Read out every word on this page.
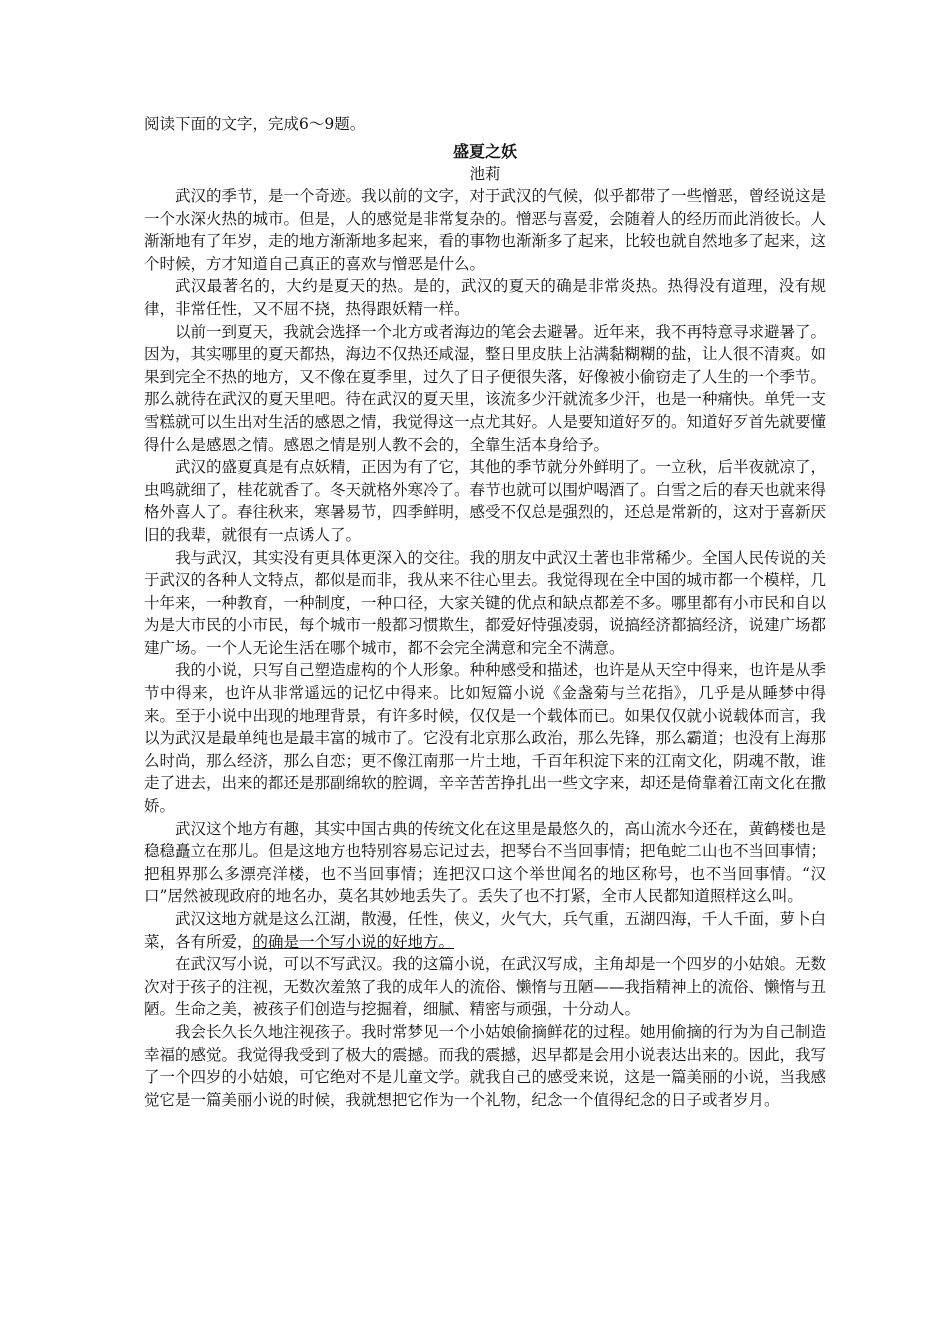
阅读下面的文字，完成6～9题。

盛夏之妖

池莉

武汉的季节，是一个奇迹。我以前的文字，对于武汉的气候，似乎都带了一些憎恶，曾经说这是一个水深火热的城市。但是，人的感觉是非常复杂的。憎恶与喜爱，会随着人的经历而此消彼长。人渐渐地有了年岁，走的地方渐渐地多起来，看的事物也渐渐多了起来，比较也就自然地多了起来，这个时候，方才知道自己真正的喜欢与憎恶是什么。

武汉最著名的，大约是夏天的热。是的，武汉的夏天的确是非常炎热。热得没有道理，没有规律，非常任性，又不屈不挠，热得跟妖精一样。

以前一到夏天，我就会选择一个北方或者海边的笔会去避暑。近年来，我不再特意寻求避暑了。因为，其实哪里的夏天都热，海边不仅热还咸湿，整日里皮肤上沾满黏糊糊的盐，让人很不清爽。如果到完全不热的地方，又不像在夏季里，过久了日子便很失落，好像被小偷窃走了人生的一个季节。那么就待在武汉的夏天里吧。待在武汉的夏天里，该流多少汗就流多少汗，也是一种痛快。单凭一支雪糕就可以生出对生活的感恩之情，我觉得这一点尤其好。人是要知道好歹的。知道好歹首先就要懂得什么是感恩之情。感恩之情是别人教不会的，全靠生活本身给予。

武汉的盛夏真是有点妖精，正因为有了它，其他的季节就分外鲜明了。一立秋，后半夜就凉了，虫鸣就细了，桂花就香了。冬天就格外寒冷了。春节也就可以围炉喝酒了。白雪之后的春天也就来得格外喜人了。春往秋来，寒暑易节，四季鲜明，感受不仅总是强烈的，还总是常新的，这对于喜新厌旧的我辈，就很有一点诱人了。

我与武汉，其实没有更具体更深入的交往。我的朋友中武汉土著也非常稀少。全国人民传说的关于武汉的各种人文特点，都似是而非，我从来不往心里去。我觉得现在全中国的城市都一个模样，几十年来，一种教育，一种制度，一种口径，大家关键的优点和缺点都差不多。哪里都有小市民和自以为是大市民的小市民，每个城市一般都习惯欺生，都爱好恃强凌弱，说搞经济都搞经济，说建广场都建广场。一个人无论生活在哪个城市，都不会完全满意和完全不满意。

我的小说，只写自己塑造虚构的个人形象。种种感受和描述，也许是从天空中得来，也许是从季节中得来，也许从非常遥远的记忆中得来。比如短篇小说《金盏菊与兰花指》，几乎是从睡梦中得来。至于小说中出现的地理背景，有许多时候，仅仅是一个载体而已。如果仅仅就小说载体而言，我以为武汉是最单纯也是最丰富的城市了。它没有北京那么政治，那么先锋，那么霸道；也没有上海那么时尚，那么经济，那么自恋；更不像江南那一片土地，千百年积淀下来的江南文化，阴魂不散，谁走了进去，出来的都还是那副绵软的腔调，辛辛苦苦挣扎出一些文字来，却还是倚靠着江南文化在撒娇。

武汉这个地方有趣，其实中国古典的传统文化在这里是最悠久的，高山流水今还在，黄鹤楼也是稳稳矗立在那儿。但是这地方也特别容易忘记过去，把琴台不当回事情；把龟蛇二山也不当回事情；把租界那么多漂亮洋楼，也不当回事情；连把汉口这个举世闻名的地区称号，也不当回事情。“汉口”居然被现政府的地名办，莫名其妙地丢失了。丢失了也不打紧，全市人民都知道照样这么叫。

武汉这地方就是这么江湖，散漫，任性，侠义，火气大，兵气重，五湖四海，千人千面，萝卜白菜，各有所爱，的确是一个写小说的好地方。

在武汉写小说，可以不写武汉。我的这篇小说，在武汉写成，主角却是一个四岁的小姑娘。无数次对于孩子的注视，无数次羞煞了我的成年人的流俗、懒惰与丑陋——我指精神上的流俗、懒惰与丑陋。生命之美，被孩子们创造与挖掘着，细腻、精密与顽强，十分动人。

我会长久长久地注视孩子。我时常梦见一个小姑娘偷摘鲜花的过程。她用偷摘的行为为自己制造幸福的感觉。我觉得我受到了极大的震撼。而我的震撼，迟早都是会用小说表达出来的。因此，我写了一个四岁的小姑娘，可它绝对不是儿童文学。就我自己的感受来说，这是一篇美丽的小说，当我感觉它是一篇美丽小说的时候，我就想把它作为一个礼物，纪念一个值得纪念的日子或者岁月。
